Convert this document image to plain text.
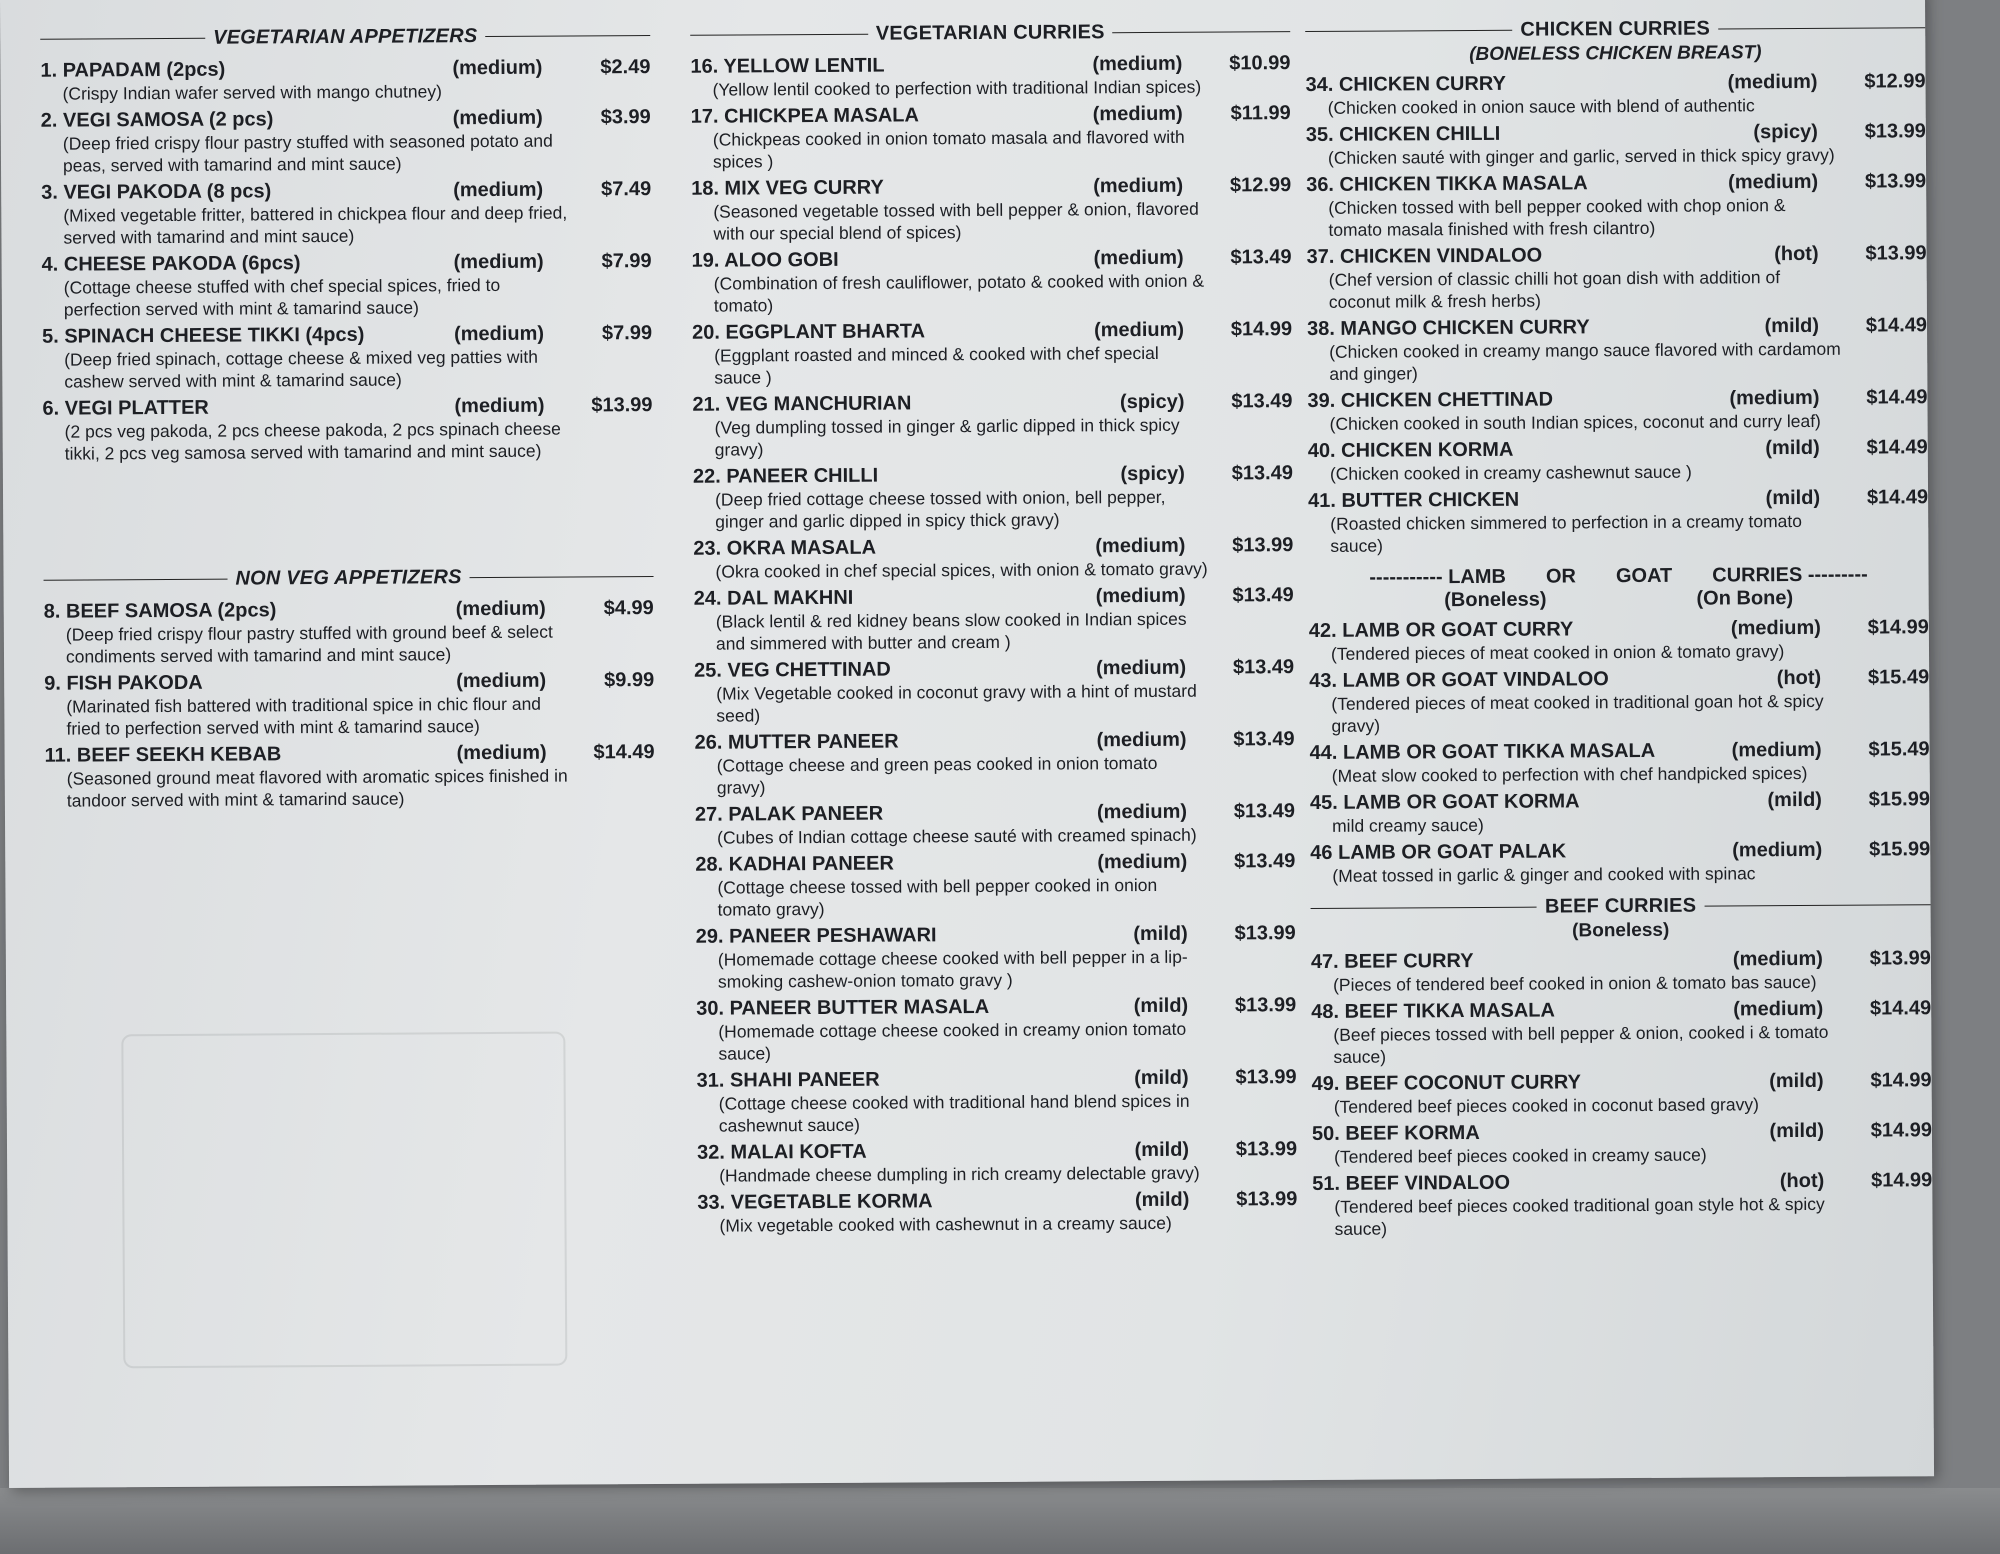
VEGETARIAN APPETIZERS
1. PAPADAM (2pcs)	(medium)	$2.49
(Crispy Indian wafer served with mango chutney)
2. VEGI SAMOSA (2 pcs)	(medium)	$3.99
(Deep fried crispy flour pastry stuffed with seasoned potato and peas, served with tamarind and mint sauce)
3. VEGI PAKODA (8 pcs)	(medium)	$7.49
(Mixed vegetable fritter, battered in chickpea flour and deep fried, served with tamarind and mint sauce)
4. CHEESE PAKODA (6pcs)	(medium)	$7.99
(Cottage cheese stuffed with chef special spices, fried to perfection served with mint & tamarind sauce)
5. SPINACH CHEESE TIKKI (4pcs)	(medium)	$7.99
(Deep fried spinach, cottage cheese & mixed veg patties with cashew served with mint & tamarind sauce)
6. VEGI PLATTER	(medium)	$13.99
(2 pcs veg pakoda, 2 pcs cheese pakoda, 2 pcs spinach cheese tikki, 2 pcs veg samosa served with tamarind and mint sauce)
NON VEG APPETIZERS
8. BEEF SAMOSA (2pcs)	(medium)	$4.99
(Deep fried crispy flour pastry stuffed with ground beef & select condiments served with tamarind and mint sauce)
9. FISH PAKODA	(medium)	$9.99
(Marinated fish battered with traditional spice in chic flour and fried to perfection served with mint & tamarind sauce)
11. BEEF SEEKH KEBAB	(medium)	$14.49
(Seasoned ground meat flavored with aromatic spices finished in tandoor served with mint & tamarind sauce)
VEGETARIAN CURRIES
16. YELLOW LENTIL	(medium)	$10.99
(Yellow lentil cooked to perfection with traditional Indian spices)
17. CHICKPEA MASALA	(medium)	$11.99
(Chickpeas cooked in onion tomato masala and flavored with spices )
18. MIX VEG CURRY	(medium)	$12.99
(Seasoned vegetable tossed with bell pepper & onion, flavored with our special blend of spices)
19. ALOO GOBI	(medium)	$13.49
(Combination of fresh cauliflower, potato & cooked with onion & tomato)
20. EGGPLANT BHARTA	(medium)	$14.99
(Eggplant roasted and minced & cooked with chef special sauce )
21. VEG MANCHURIAN	(spicy)	$13.49
(Veg dumpling tossed in ginger & garlic dipped in thick spicy gravy)
22. PANEER CHILLI	(spicy)	$13.49
(Deep fried cottage cheese tossed with onion, bell pepper, ginger and garlic dipped in spicy thick gravy)
23. OKRA MASALA	(medium)	$13.99
(Okra cooked in chef special spices, with onion & tomato gravy)
24. DAL MAKHNI	(medium)	$13.49
(Black lentil & red kidney beans slow cooked in Indian spices and simmered with butter and cream )
25. VEG CHETTINAD	(medium)	$13.49
(Mix Vegetable cooked in coconut gravy with a hint of mustard seed)
26. MUTTER PANEER	(medium)	$13.49
(Cottage cheese and green peas cooked in onion tomato gravy)
27. PALAK PANEER	(medium)	$13.49
(Cubes of Indian cottage cheese sauté with creamed spinach)
28. KADHAI PANEER	(medium)	$13.49
(Cottage cheese tossed with bell pepper cooked in onion tomato gravy)
29. PANEER PESHAWARI	(mild)	$13.99
(Homemade cottage cheese cooked with bell pepper in a lip-smoking cashew-onion tomato gravy )
30. PANEER BUTTER MASALA	(mild)	$13.99
(Homemade cottage cheese cooked in creamy onion tomato sauce)
31. SHAHI PANEER	(mild)	$13.99
(Cottage cheese cooked with traditional hand blend spices in cashewnut sauce)
32. MALAI KOFTA	(mild)	$13.99
(Handmade cheese dumpling in rich creamy delectable gravy)
33. VEGETABLE KORMA	(mild)	$13.99
(Mix vegetable cooked with cashewnut in a creamy sauce)
CHICKEN CURRIES
(BONELESS CHICKEN BREAST)
34. CHICKEN CURRY	(medium)	$12.99
(Chicken cooked in onion sauce with blend of authentic
35. CHICKEN CHILLI	(spicy)	$13.99
(Chicken sauté with ginger and garlic, served in thick spicy gravy)
36. CHICKEN TIKKA MASALA	(medium)	$13.99
(Chicken tossed with bell pepper cooked with chop onion & tomato masala finished with fresh cilantro)
37. CHICKEN VINDALOO	(hot)	$13.99
(Chef version of classic chilli hot goan dish with addition of coconut milk & fresh herbs)
38. MANGO CHICKEN CURRY	(mild)	$14.49
(Chicken cooked in creamy mango sauce flavored with cardamom and ginger)
39. CHICKEN CHETTINAD	(medium)	$14.49
(Chicken cooked in south Indian spices, coconut and curry leaf)
40. CHICKEN KORMA	(mild)	$14.49
(Chicken cooked in creamy cashewnut sauce )
41. BUTTER CHICKEN	(mild)	$14.49
(Roasted chicken simmered to perfection in a creamy tomato sauce)
----------- LAMB OR GOAT CURRIES ---------
(Boneless)	(On Bone)
42. LAMB OR GOAT CURRY	(medium)	$14.99
(Tendered pieces of meat cooked in onion & tomato gravy)
43. LAMB OR GOAT VINDALOO	(hot)	$15.49
(Tendered pieces of meat cooked in traditional goan hot & spicy gravy)
44. LAMB OR GOAT TIKKA MASALA	(medium)	$15.49
(Meat slow cooked to perfection with chef handpicked spices)
45. LAMB OR GOAT KORMA	(mild)	$15.99
mild creamy sauce)
46 LAMB OR GOAT PALAK	(medium)	$15.99
(Meat tossed in garlic & ginger and cooked with spinac
BEEF CURRIES
(Boneless)
47. BEEF CURRY	(medium)	$13.99
(Pieces of tendered beef cooked in onion & tomato bas sauce)
48. BEEF TIKKA MASALA	(medium)	$14.49
(Beef pieces tossed with bell pepper & onion, cooked i & tomato sauce)
49. BEEF COCONUT CURRY	(mild)	$14.99
(Tendered beef pieces cooked in coconut based gravy)
50. BEEF KORMA	(mild)	$14.99
(Tendered beef pieces cooked in creamy sauce)
51. BEEF VINDALOO	(hot)	$14.99
(Tendered beef pieces cooked traditional goan style hot & spicy sauce)
